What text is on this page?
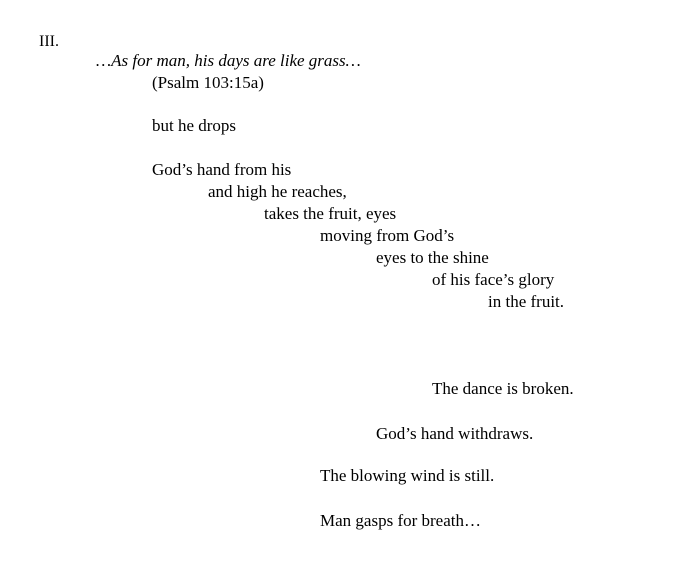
III.
…As for man, his days are like grass…
(Psalm 103:15a)
but he drops
God’s hand from his
and high he reaches,
takes the fruit, eyes
moving from God’s
eyes to the shine
of his face’s glory
in the fruit.
The dance is broken.
God’s hand withdraws.
The blowing wind is still.
Man gasps for breath…
